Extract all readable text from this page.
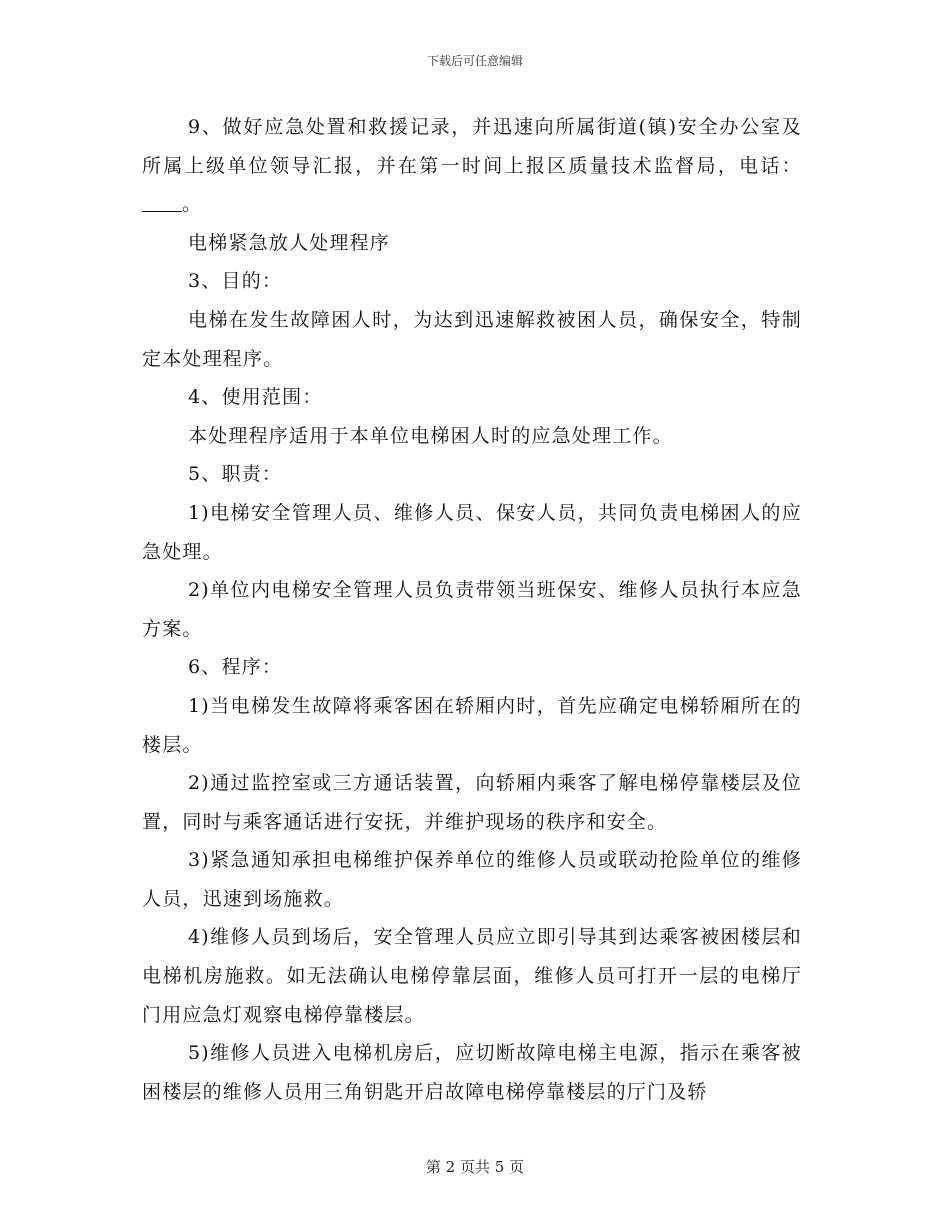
下载后可任意编辑

9、做好应急处置和救援记录，并迅速向所属街道(镇)安全办公室及所属上级单位领导汇报，并在第一时间上报区质量技术监督局，电话：。

电梯紧急放人处理程序

3、目的：

电梯在发生故障困人时，为达到迅速解救被困人员，确保安全，特制定本处理程序。

4、使用范围：

本处理程序适用于本单位电梯困人时的应急处理工作。

5、职责：

1)电梯安全管理人员、维修人员、保安人员，共同负责电梯困人的应急处理。

2)单位内电梯安全管理人员负责带领当班保安、维修人员执行本应急方案。

6、程序：

1)当电梯发生故障将乘客困在轿厢内时，首先应确定电梯轿厢所在的楼层。

2)通过监控室或三方通话装置，向轿厢内乘客了解电梯停靠楼层及位置，同时与乘客通话进行安抚，并维护现场的秩序和安全。

3)紧急通知承担电梯维护保养单位的维修人员或联动抢险单位的维修人员，迅速到场施救。

4)维修人员到场后，安全管理人员应立即引导其到达乘客被困楼层和电梯机房施救。如无法确认电梯停靠层面，维修人员可打开一层的电梯厅门用应急灯观察电梯停靠楼层。

5)维修人员进入电梯机房后，应切断故障电梯主电源，指示在乘客被困楼层的维修人员用三角钥匙开启故障电梯停靠楼层的厅门及轿

第 2 页共 5 页
